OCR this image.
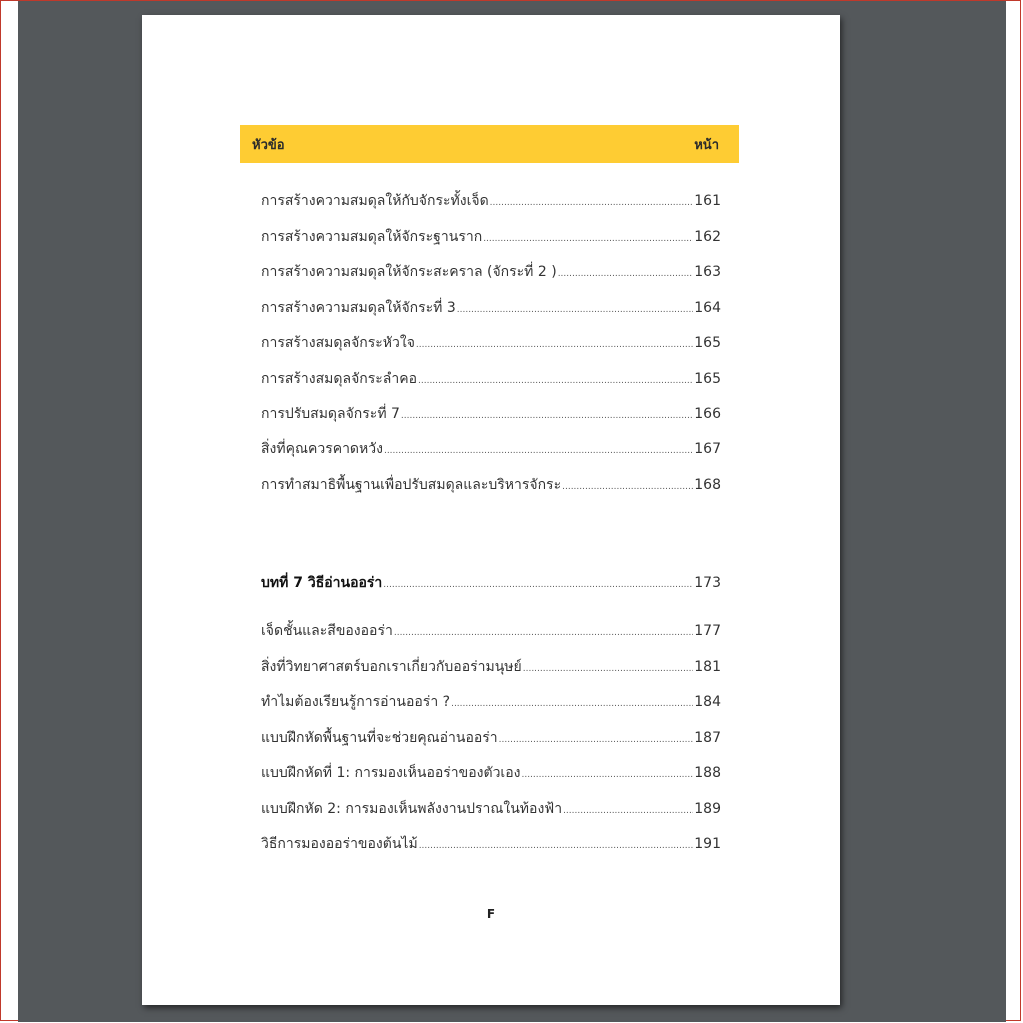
หัวข้อ	หน้า
การสร้างความสมดุลให้กับจักระทั้งเจ็ด .....	161
การสร้างความสมดุลให้จักระฐานราก .....	162
การสร้างความสมดุลให้จักระสะคราล (จักระที่ 2 ) .....	163
การสร้างความสมดุลให้จักระที่ 3 .....	164
การสร้างสมดุลจักระหัวใจ .....	165
การสร้างสมดุลจักระลำคอ .....	165
การปรับสมดุลจักระที่ 7 .....	166
สิ่งที่คุณควรคาดหวัง .....	167
การทำสมาธิพื้นฐานเพื่อปรับสมดุลและบริหารจักระ .....	168
บทที่ 7 วิธีอ่านออร่า .....	173
เจ็ดชั้นและสีของออร่า .....	177
สิ่งที่วิทยาศาสตร์บอกเราเกี่ยวกับออร่ามนุษย์ .....	181
ทำไมต้องเรียนรู้การอ่านออร่า ? .....	184
แบบฝึกหัดพื้นฐานที่จะช่วยคุณอ่านออร่า .....	187
แบบฝึกหัดที่ 1: การมองเห็นออร่าของตัวเอง .....	188
แบบฝึกหัด 2: การมองเห็นพลังงานปราณในท้องฟ้า .....	189
วิธีการมองออร่าของต้นไม้ .....	191
F
